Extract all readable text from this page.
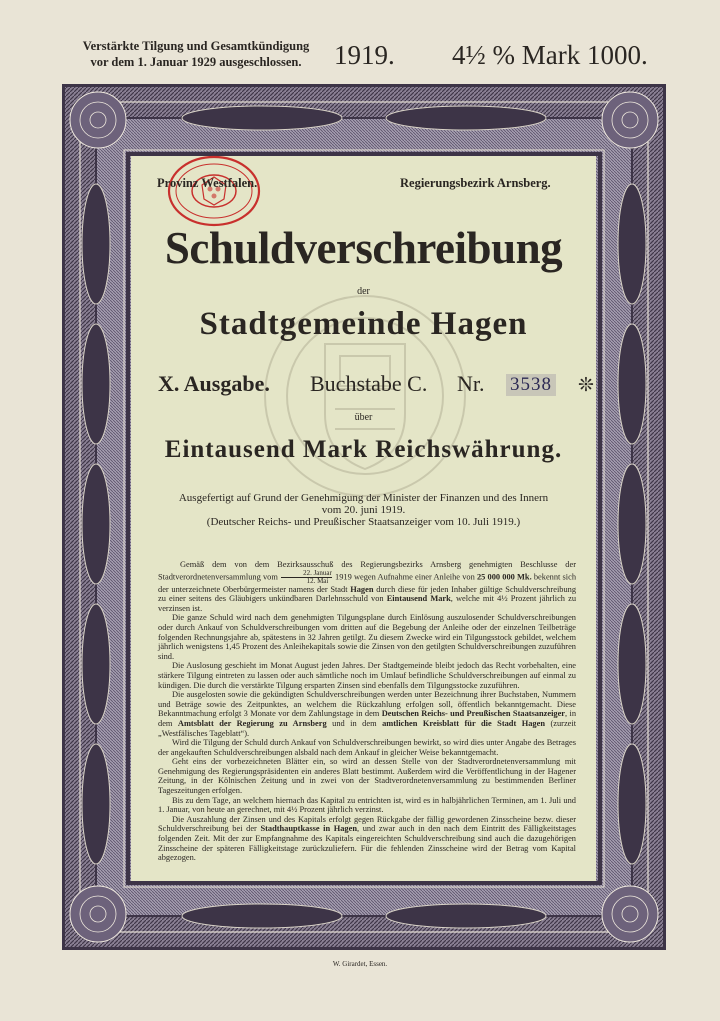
Verstärkte Tilgung und Gesamtkündigung
vor dem 1. Januar 1929 ausgeschlossen.	1919. 4½ % Mark 1000.
Provinz Westfalen.	Regierungsbezirk Arnsberg.
Schuldverschreibung
der
Stadtgemeinde Hagen
X. Ausgabe. Buchstabe C. Nr. 3538 ❊
über
Eintausend Mark Reichswährung.
Ausgefertigt auf Grund der Genehmigung der Minister der Finanzen und des Innern
vom 20. juni 1919.
(Deutscher Reichs- und Preußischer Staatsanzeiger vom 10. Juli 1919.)

Gemäß dem von dem Bezirksausschuß des Regierungsbezirks Arnsberg genehmigten Beschlusse der Stadtverordnetenversammlung vom $\frac{\text{22. Januar}}{\text{12. Mai}} 1919$ wegen Aufnahme einer Anleihe von 25 000 000 Mk. bekennt sich der unterzeichnete Oberbürgermeister namens der Stadt Hagen durch diese für jeden Inhaber gültige Schuldverschreibung zu einer seitens des Gläubigers unkündbaren Darlehnsschuld von Eintausend Mark, welche mit 4½ Prozent jährlich zu verzinsen ist.

Die ganze Schuld wird nach dem genehmigten Tilgungsplane durch Einlösung auszulosender Schuldverschreibungen oder durch Ankauf von Schuldverschreibungen vom dritten auf die Begebung der Anleihe oder der einzelnen Teilbeträge folgenden Rechnungsjahre ab, spätestens in 32 Jahren getilgt. Zu diesem Zwecke wird ein Tilgungsstock gebildet, welchem jährlich wenigstens 1,45 Prozent des Anleihekapitals sowie die Zinsen von den getilgten Schuldverschreibungen zuzuführen sind.

Die Auslosung geschieht im Monat August jeden Jahres. Der Stadtgemeinde bleibt jedoch das Recht vorbehalten, eine stärkere Tilgung eintreten zu lassen oder auch sämtliche noch im Umlauf befindliche Schuldverschreibungen auf einmal zu kündigen. Die durch die verstärkte Tilgung ersparten Zinsen sind ebenfalls dem Tilgungsstocke zuzuführen.

Die ausgelosten sowie die gekündigten Schuldverschreibungen werden unter Bezeichnung ihrer Buchstaben, Nummern und Beträge sowie des Zeitpunktes, an welchem die Rückzahlung erfolgen soll, öffentlich bekanntgemacht. Diese Bekanntmachung erfolgt 3 Monate vor dem Zahlungstage in dem Deutschen Reichs- und Preußischen Staatsanzeiger, in dem Amtsblatt der Regierung zu Arnsberg und in dem amtlichen Kreisblatt für die Stadt Hagen (zurzeit „Westfälisches Tageblatt“).

Wird die Tilgung der Schuld durch Ankauf von Schuldverschreibungen bewirkt, so wird dies unter Angabe des Betrages der angekauften Schuldverschreibungen alsbald nach dem Ankauf in gleicher Weise bekanntgemacht.

Geht eins der vorbezeichneten Blätter ein, so wird an dessen Stelle von der Stadtverordnetenversammlung mit Genehmigung des Regierungspräsidenten ein anderes Blatt bestimmt. Außerdem wird die Veröffentlichung in der Hagener Zeitung, in der Kölnischen Zeitung und in zwei von der Stadtverordnetenversammlung zu bestimmenden Berliner Tageszeitungen erfolgen.

Bis zu dem Tage, an welchem hiernach das Kapital zu entrichten ist, wird es in halbjährlichen Terminen, am 1. Juli und 1. Januar, von heute an gerechnet, mit 4½ Prozent jährlich verzinst.

Die Auszahlung der Zinsen und des Kapitals erfolgt gegen Rückgabe der fällig gewordenen Zinsscheine bezw. dieser Schuldverschreibung bei der Stadthauptkasse in Hagen, und zwar auch in den nach dem Eintritt des Fälligkeitstages folgenden Zeit. Mit der zur Empfangnahme des Kapitals eingereichten Schuldverschreibung sind auch die dazugehörigen Zinsscheine der späteren Fälligkeitstage zurückzuliefern. Für die fehlenden Zinsscheine wird der Betrag vom Kapital abgezogen.

W. Girardet, Essen.
